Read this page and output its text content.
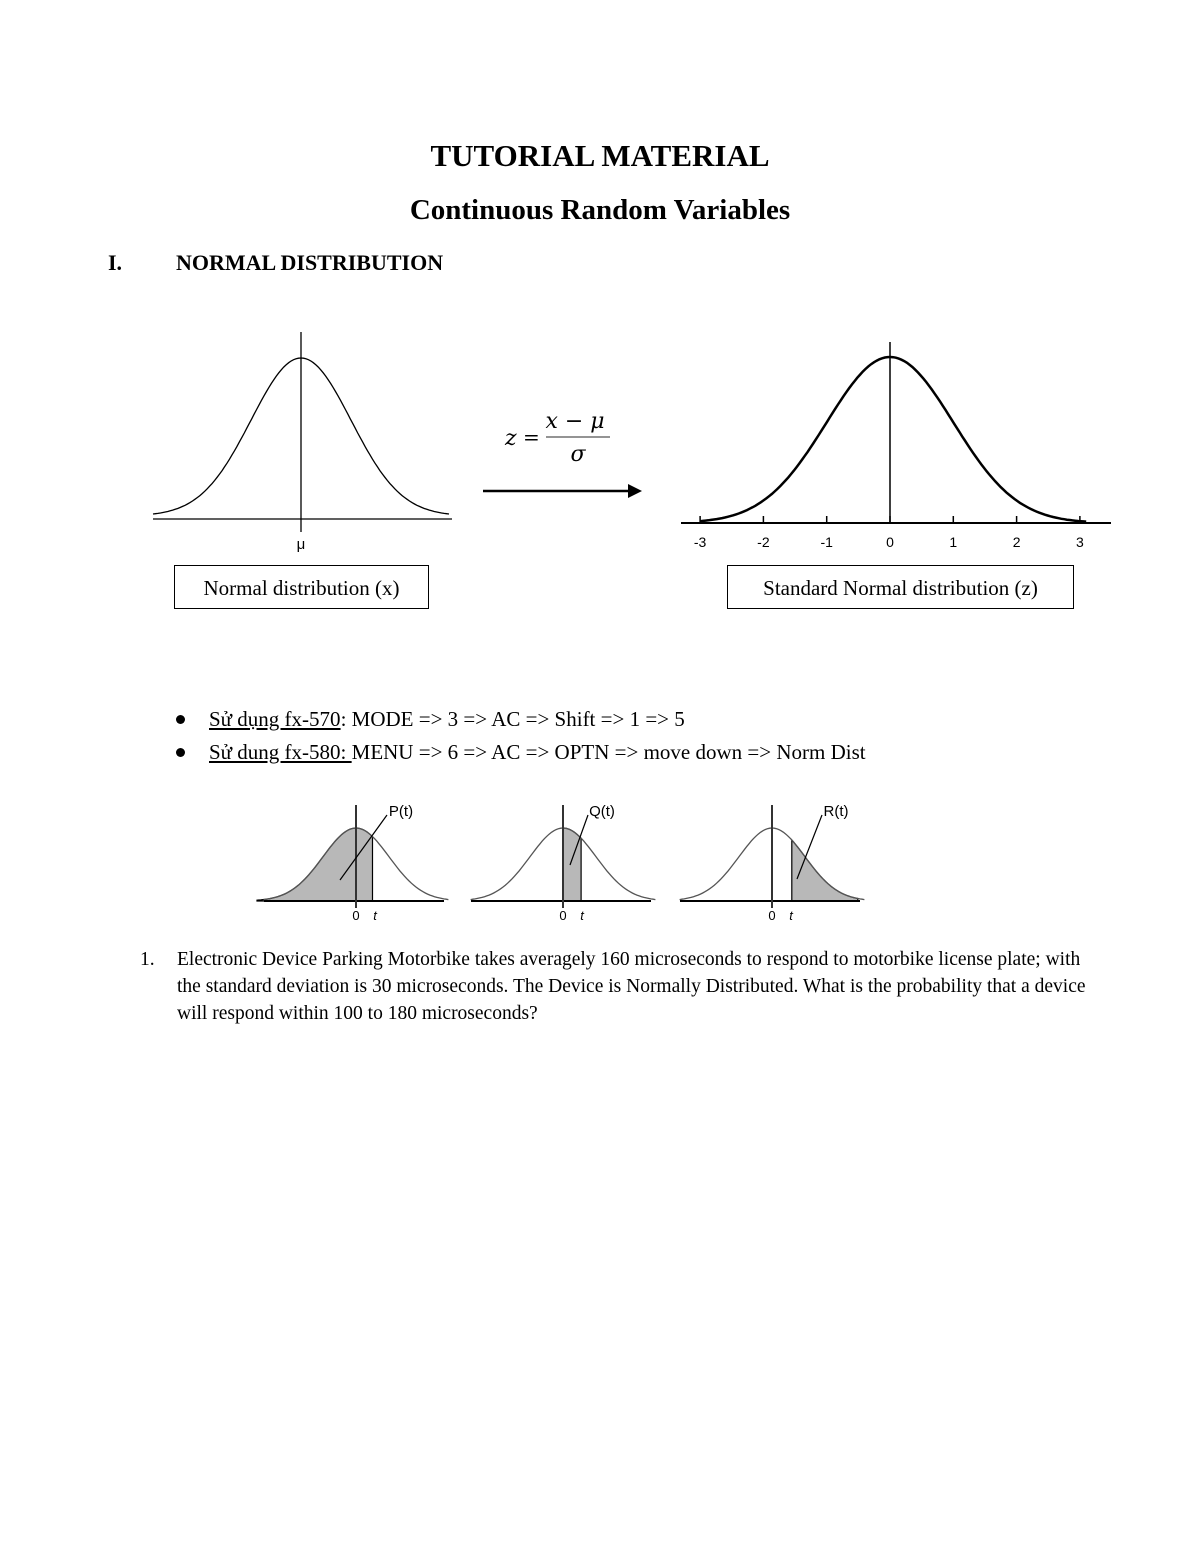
TUTORIAL MATERIAL
Continuous Random Variables
I. NORMAL DISTRIBUTION
μ
z =
x − μ
σ
-3	-2	-1	0	1	2	3
Normal distribution (x)	Standard Normal distribution (z)
Sử dụng fx-570: MODE => 3 => AC => Shift => 1 => 5
Sử dung fx-580: MENU => 6 => AC => OPTN => move down => Norm Dist
P(t)
0 t
Q(t)
0 t
R(t)
0 t
1. Electronic Device Parking Motorbike takes averagely 160 microseconds to respond to motorbike license plate; with the standard deviation is 30 microseconds. The Device is Normally Distributed. What is the probability that a device will respond within 100 to 180 microseconds?
